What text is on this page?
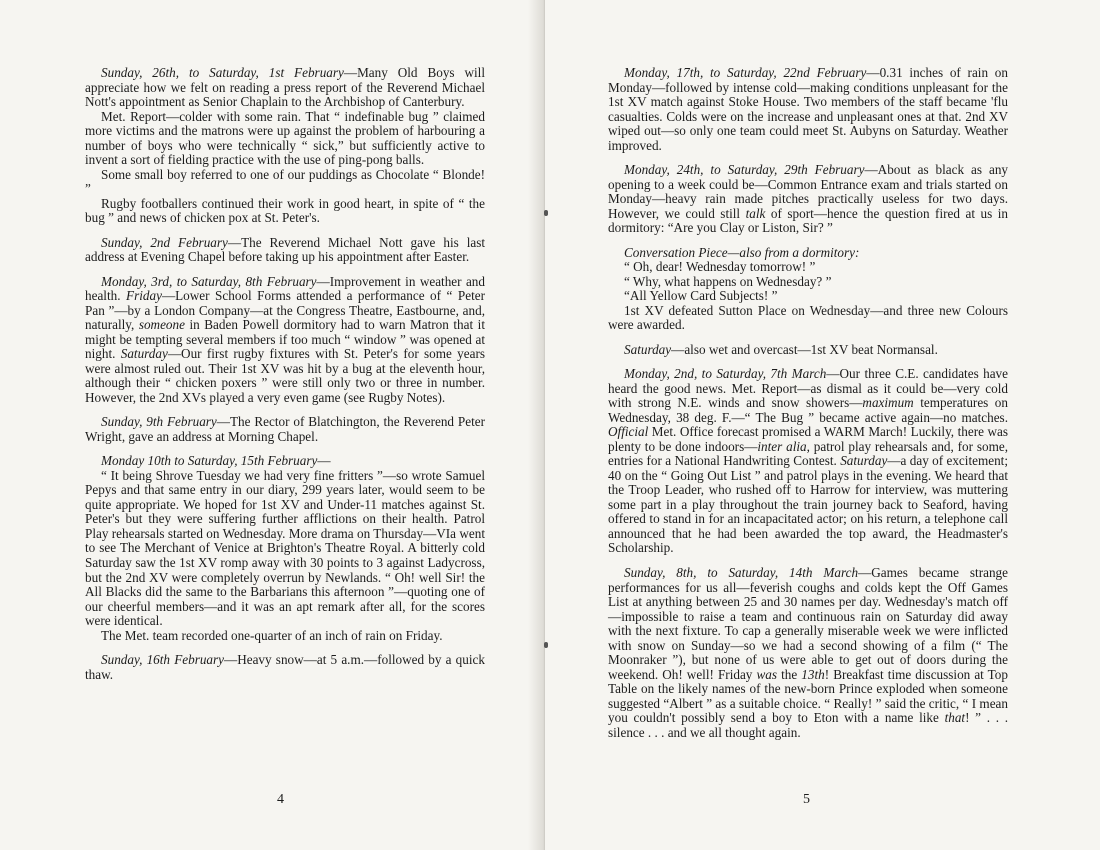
Sunday, 26th, to Saturday, 1st February—Many Old Boys will appreciate how we felt on reading a press report of the Reverend Michael Nott's appointment as Senior Chaplain to the Archbishop of Canterbury.

Met. Report—colder with some rain. That “ indefinable bug ” claimed more victims and the matrons were up against the problem of harbouring a number of boys who were technically “ sick,” but sufficiently active to invent a sort of fielding practice with the use of ping-pong balls.

Some small boy referred to one of our puddings as Chocolate “ Blonde! ”

Rugby footballers continued their work in good heart, in spite of “ the bug ” and news of chicken pox at St. Peter's.

Sunday, 2nd February—The Reverend Michael Nott gave his last address at Evening Chapel before taking up his appointment after Easter.

Monday, 3rd, to Saturday, 8th February—Improvement in weather and health. Friday—Lower School Forms attended a performance of “ Peter Pan ”—by a London Company—at the Congress Theatre, Eastbourne, and, naturally, someone in Baden Powell dormitory had to warn Matron that it might be tempting several members if too much “ window ” was opened at night. Saturday—Our first rugby fixtures with St. Peter's for some years were almost ruled out. Their 1st XV was hit by a bug at the eleventh hour, although their “ chicken poxers ” were still only two or three in number. However, the 2nd XVs played a very even game (see Rugby Notes).

Sunday, 9th February—The Rector of Blatchington, the Reverend Peter Wright, gave an address at Morning Chapel.

Monday 10th to Saturday, 15th February—

“ It being Shrove Tuesday we had very fine fritters ”—so wrote Samuel Pepys and that same entry in our diary, 299 years later, would seem to be quite appropriate. We hoped for 1st XV and Under-11 matches against St. Peter's but they were suffering further afflictions on their health. Patrol Play rehearsals started on Wednesday. More drama on Thursday—VIa went to see The Merchant of Venice at Brighton's Theatre Royal. A bitterly cold Saturday saw the 1st XV romp away with 30 points to 3 against Ladycross, but the 2nd XV were completely overrun by Newlands. “ Oh! well Sir! the All Blacks did the same to the Barbarians this afternoon ”—quoting one of our cheerful members—and it was an apt remark after all, for the scores were identical.

The Met. team recorded one-quarter of an inch of rain on Friday.

Sunday, 16th February—Heavy snow—at 5 a.m.—followed by a quick thaw.

4

Monday, 17th, to Saturday, 22nd February—0.31 inches of rain on Monday—followed by intense cold—making conditions unpleasant for the 1st XV match against Stoke House. Two members of the staff became 'flu casualties. Colds were on the increase and unpleasant ones at that. 2nd XV wiped out—so only one team could meet St. Aubyns on Saturday. Weather improved.

Monday, 24th, to Saturday, 29th February—About as black as any opening to a week could be—Common Entrance exam and trials started on Monday—heavy rain made pitches practically useless for two days. However, we could still talk of sport—hence the question fired at us in dormitory: “Are you Clay or Liston, Sir? ”

Conversation Piece—also from a dormitory:

“ Oh, dear! Wednesday tomorrow! ”

“ Why, what happens on Wednesday? ”

“All Yellow Card Subjects! ”

1st XV defeated Sutton Place on Wednesday—and three new Colours were awarded.

Saturday—also wet and overcast—1st XV beat Normansal.

Monday, 2nd, to Saturday, 7th March—Our three C.E. candidates have heard the good news. Met. Report—as dismal as it could be—very cold with strong N.E. winds and snow showers—maximum temperatures on Wednesday, 38 deg. F.—“ The Bug ” became active again—no matches. Official Met. Office forecast promised a WARM March! Luckily, there was plenty to be done indoors—inter alia, patrol play rehearsals and, for some, entries for a National Handwriting Contest. Saturday—a day of excitement; 40 on the “ Going Out List ” and patrol plays in the evening. We heard that the Troop Leader, who rushed off to Harrow for interview, was muttering some part in a play throughout the train journey back to Seaford, having offered to stand in for an incapacitated actor; on his return, a telephone call announced that he had been awarded the top award, the Headmaster's Scholarship.

Sunday, 8th, to Saturday, 14th March—Games became strange performances for us all—feverish coughs and colds kept the Off Games List at anything between 25 and 30 names per day. Wednesday's match off—impossible to raise a team and continuous rain on Saturday did away with the next fixture. To cap a generally miserable week we were inflicted with snow on Sunday—so we had a second showing of a film (“ The Moonraker ”), but none of us were able to get out of doors during the weekend. Oh! well! Friday was the 13th! Breakfast time discussion at Top Table on the likely names of the new-born Prince exploded when someone suggested “Albert ” as a suitable choice. “ Really! ” said the critic, “ I mean you couldn't possibly send a boy to Eton with a name like that! ” . . . silence . . . and we all thought again.

5
